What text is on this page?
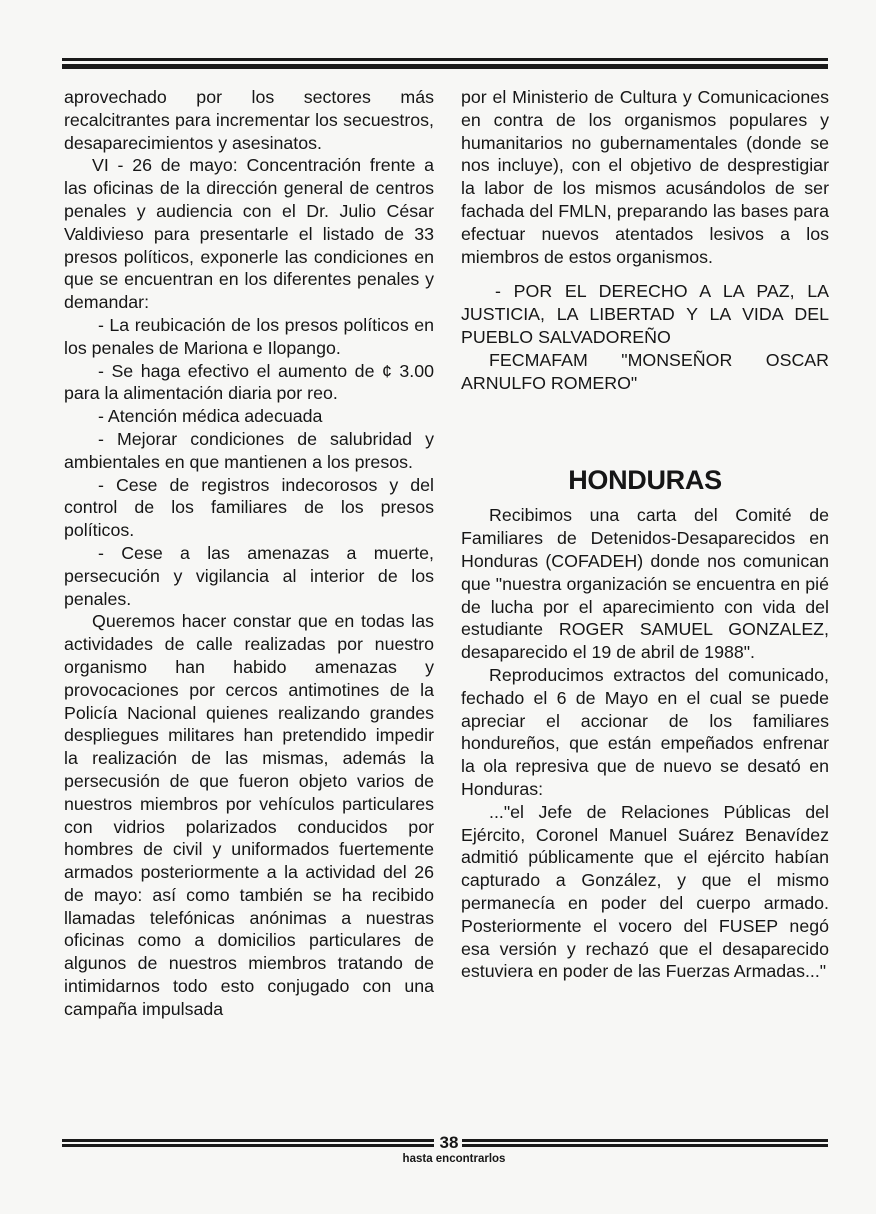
aprovechado por los sectores más recalcitrantes para incrementar los secuestros, desaparecimientos y asesinatos.

VI - 26 de mayo: Concentración frente a las oficinas de la dirección general de centros penales y audiencia con el Dr. Julio César Valdivieso para presentarle el listado de 33 presos políticos, exponerle las condiciones en que se encuentran en los diferentes penales y demandar:

- La reubicación de los presos políticos en los penales de Mariona e Ilopango.

- Se haga efectivo el aumento de ¢ 3.00 para la alimentación diaria por reo.

- Atención médica adecuada

- Mejorar condiciones de salubridad y ambientales en que mantienen a los presos.

- Cese de registros indecorosos y del control de los familiares de los presos políticos.

- Cese a las amenazas a muerte, persecución y vigilancia al interior de los penales.

Queremos hacer constar que en todas las actividades de calle realizadas por nuestro organismo han habido amenazas y provocaciones por cercos antimotines de la Policía Nacional quienes realizando grandes despliegues militares han pretendido impedir la realización de las mismas, además la persecusión de que fueron objeto varios de nuestros miembros por vehículos particulares con vidrios polarizados conducidos por hombres de civil y uniformados fuertemente armados posteriormente a la actividad del 26 de mayo: así como también se ha recibido llamadas telefónicas anónimas a nuestras oficinas como a domicilios particulares de algunos de nuestros miembros tratando de intimidarnos todo esto conjugado con una campaña impulsada

por el Ministerio de Cultura y Comunicaciones en contra de los organismos populares y humanitarios no gubernamentales (donde se nos incluye), con el objetivo de desprestigiar la labor de los mismos acusándolos de ser fachada del FMLN, preparando las bases para efectuar nuevos atentados lesivos a los miembros de estos organismos.

- POR EL DERECHO A LA PAZ, LA JUSTICIA, LA LIBERTAD Y LA VIDA DEL PUEBLO SALVADOREÑO

FECMAFAM "MONSEÑOR OSCAR ARNULFO ROMERO"

HONDURAS

Recibimos una carta del Comité de Familiares de Detenidos-Desaparecidos en Honduras (COFADEH) donde nos comunican que "nuestra organización se encuentra en pié de lucha por el aparecimiento con vida del estudiante ROGER SAMUEL GONZALEZ, desaparecido el 19 de abril de 1988".

Reproducimos extractos del comunicado, fechado el 6 de Mayo en el cual se puede apreciar el accionar de los familiares hondureños, que están empeñados enfrenar la ola represiva que de nuevo se desató en Honduras:

..."el Jefe de Relaciones Públicas del Ejército, Coronel Manuel Suárez Benavídez admitió públicamente que el ejército habían capturado a González, y que el mismo permanecía en poder del cuerpo armado. Posteriormente el vocero del FUSEP negó esa versión y rechazó que el desaparecido estuviera en poder de las Fuerzas Armadas..."

38
hasta encontrarlos
